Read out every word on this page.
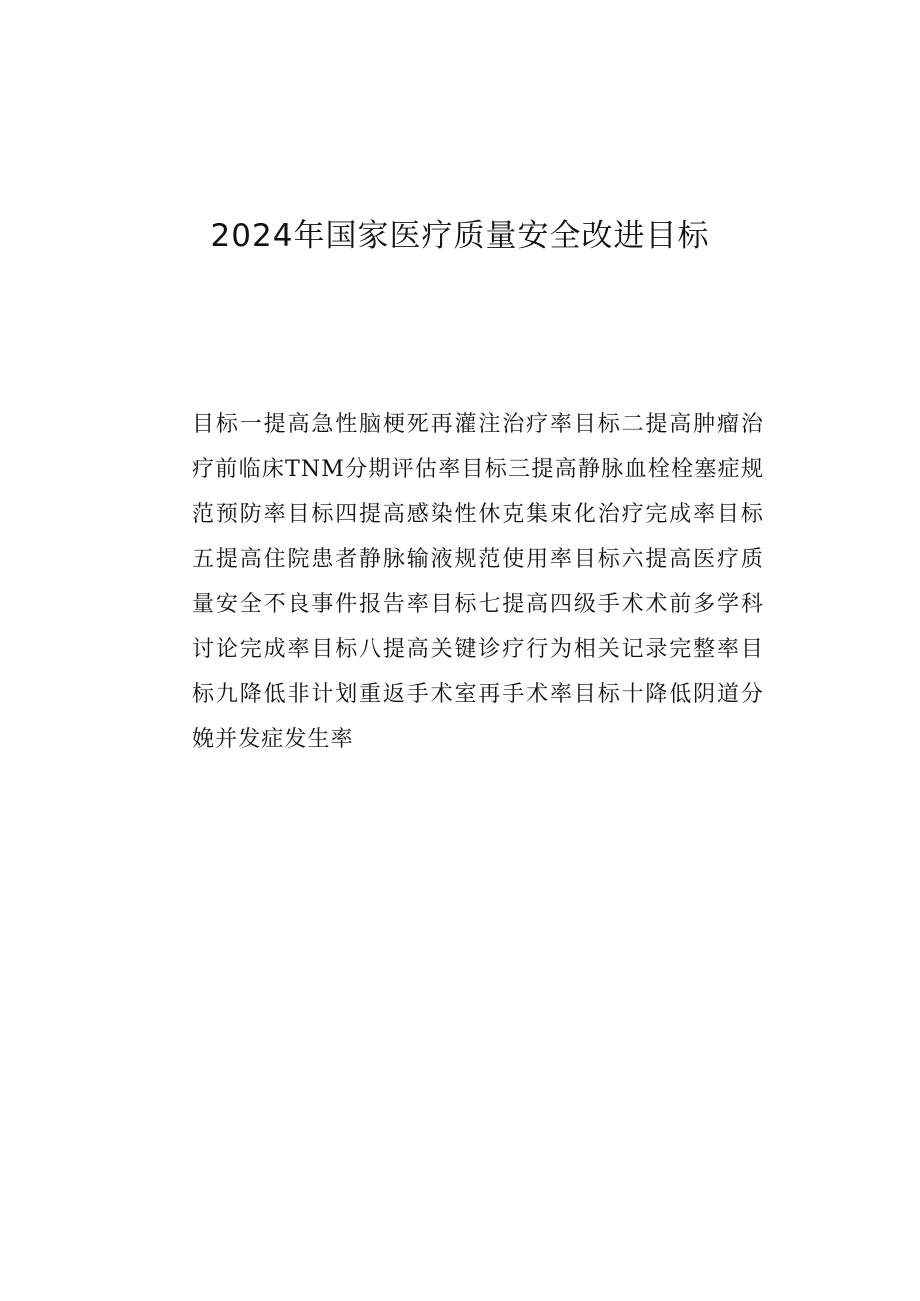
2024年国家医疗质量安全改进目标

目标一提高急性脑梗死再灌注治疗率目标二提高肿瘤治疗前临床TNM分期评估率目标三提高静脉血栓栓塞症规范预防率目标四提高感染性休克集束化治疗完成率目标五提高住院患者静脉输液规范使用率目标六提高医疗质量安全不良事件报告率目标七提高四级手术术前多学科讨论完成率目标八提高关键诊疗行为相关记录完整率目标九降低非计划重返手术室再手术率目标十降低阴道分娩并发症发生率
